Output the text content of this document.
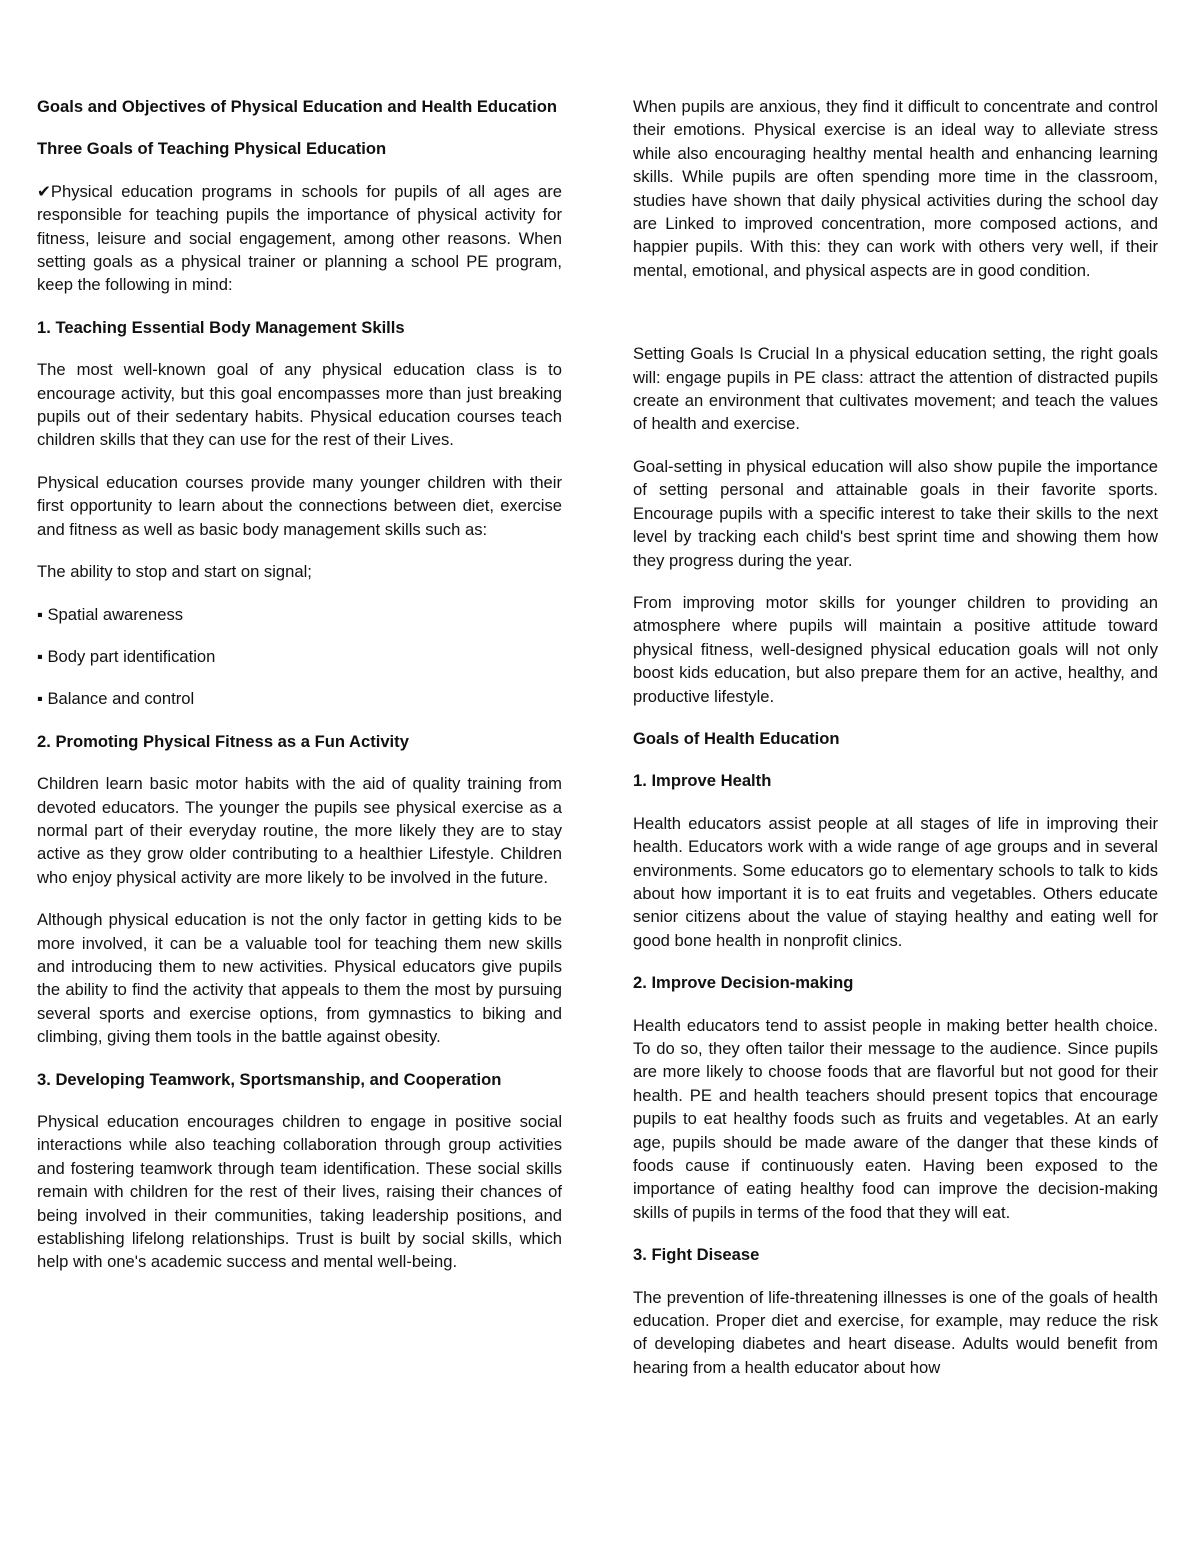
Goals and Objectives of Physical Education and Health Education
Three Goals of Teaching Physical Education

✔Physical education programs in schools for pupils of all ages are responsible for teaching pupils the importance of physical activity for fitness, leisure and social engagement, among other reasons. When setting goals as a physical trainer or planning a school PE program, keep the following in mind:

1. Teaching Essential Body Management Skills

The most well-known goal of any physical education class is to encourage activity, but this goal encompasses more than just breaking pupils out of their sedentary habits. Physical education courses teach children skills that they can use for the rest of their Lives.

Physical education courses provide many younger children with their first opportunity to learn about the connections between diet, exercise and fitness as well as basic body management skills such as:

The ability to stop and start on signal;

▪ Spatial awareness

▪ Body part identification

▪ Balance and control

2. Promoting Physical Fitness as a Fun Activity

Children learn basic motor habits with the aid of quality training from devoted educators. The younger the pupils see physical exercise as a normal part of their everyday routine, the more likely they are to stay active as they grow older contributing to a healthier Lifestyle. Children who enjoy physical activity are more likely to be involved in the future.

Although physical education is not the only factor in getting kids to be more involved, it can be a valuable tool for teaching them new skills and introducing them to new activities. Physical educators give pupils the ability to find the activity that appeals to them the most by pursuing several sports and exercise options, from gymnastics to biking and climbing, giving them tools in the battle against obesity.

3. Developing Teamwork, Sportsmanship, and Cooperation

Physical education encourages children to engage in positive social interactions while also teaching collaboration through group activities and fostering teamwork through team identification. These social skills remain with children for the rest of their lives, raising their chances of being involved in their communities, taking leadership positions, and establishing lifelong relationships. Trust is built by social skills, which help with one's academic success and mental well-being.

When pupils are anxious, they find it difficult to concentrate and control their emotions. Physical exercise is an ideal way to alleviate stress while also encouraging healthy mental health and enhancing learning skills. While pupils are often spending more time in the classroom, studies have shown that daily physical activities during the school day are Linked to improved concentration, more composed actions, and happier pupils. With this: they can work with others very well, if their mental, emotional, and physical aspects are in good condition.

Setting Goals Is Crucial In a physical education setting, the right goals will: engage pupils in PE class: attract the attention of distracted pupils create an environment that cultivates movement; and teach the values of health and exercise.

Goal-setting in physical education will also show pupile the importance of setting personal and attainable goals in their favorite sports. Encourage pupils with a specific interest to take their skills to the next level by tracking each child's best sprint time and showing them how they progress during the year.

From improving motor skills for younger children to providing an atmosphere where pupils will maintain a positive attitude toward physical fitness, well-designed physical education goals will not only boost kids education, but also prepare them for an active, healthy, and productive lifestyle.

Goals of Health Education
1. Improve Health

Health educators assist people at all stages of life in improving their health. Educators work with a wide range of age groups and in several environments. Some educators go to elementary schools to talk to kids about how important it is to eat fruits and vegetables. Others educate senior citizens about the value of staying healthy and eating well for good bone health in nonprofit clinics.

2. Improve Decision-making

Health educators tend to assist people in making better health choice. To do so, they often tailor their message to the audience. Since pupils are more likely to choose foods that are flavorful but not good for their health. PE and health teachers should present topics that encourage pupils to eat healthy foods such as fruits and vegetables. At an early age, pupils should be made aware of the danger that these kinds of foods cause if continuously eaten. Having been exposed to the importance of eating healthy food can improve the decision-making skills of pupils in terms of the food that they will eat.

3. Fight Disease

The prevention of life-threatening illnesses is one of the goals of health education. Proper diet and exercise, for example, may reduce the risk of developing diabetes and heart disease. Adults would benefit from hearing from a health educator about how
